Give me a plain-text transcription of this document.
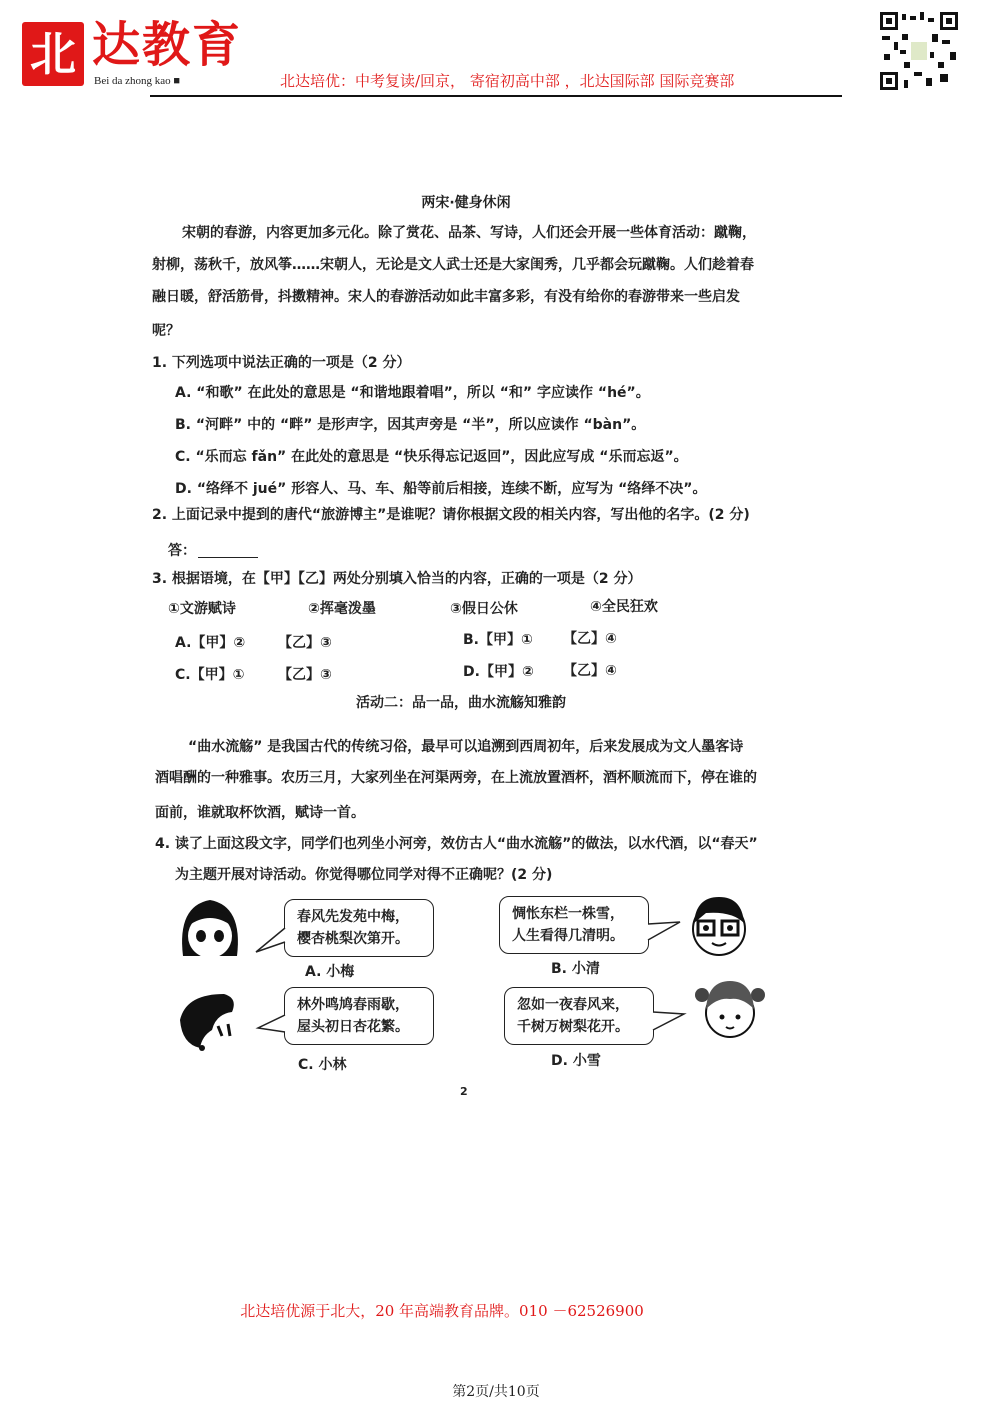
北 达教育
Bei da zhong kao ■	北达培优：中考复读/回京， 寄宿初高中部 ，北达国际部 国际竞赛部
两宋·健身休闲
宋朝的春游，内容更加多元化。除了赏花、品茶、写诗，人们还会开展一些体育活动：蹴鞠，
射柳，荡秋千，放风筝……宋朝人，无论是文人武士还是大家闺秀，几乎都会玩蹴鞠。人们趁着春
融日暖，舒活筋骨，抖擞精神。宋人的春游活动如此丰富多彩，有没有给你的春游带来一些启发
呢？
1. 下列选项中说法正确的一项是（2 分）
A. “和歌” 在此处的意思是 “和谐地跟着唱”，所以 “和” 字应读作 “hé”。
B. “河畔” 中的 “畔” 是形声字，因其声旁是 “半”，所以应读作 “bàn”。
C. “乐而忘 fǎn” 在此处的意思是 “快乐得忘记返回”，因此应写成 “乐而忘返”。
D. “络绎不 jué” 形容人、马、车、船等前后相接，连续不断，应写为 “络绎不决”。
2. 上面记录中提到的唐代“旅游博主”是谁呢？请你根据文段的相关内容，写出他的名字。(2 分)
答：
3. 根据语境，在【甲】【乙】两处分别填入恰当的内容，正确的一项是（2 分）
①文游赋诗	②挥毫泼墨	③假日公休	④全民狂欢
A.【甲】② 【乙】③	B.【甲】① 【乙】④
C.【甲】① 【乙】③	D.【甲】② 【乙】④
活动二：品一品，曲水流觞知雅韵
“曲水流觞” 是我国古代的传统习俗，最早可以追溯到西周初年，后来发展成为文人墨客诗
酒唱酬的一种雅事。农历三月，大家列坐在河渠两旁，在上流放置酒杯，酒杯顺流而下，停在谁的
面前，谁就取杯饮酒，赋诗一首。
4. 读了上面这段文字，同学们也列坐小河旁，效仿古人“曲水流觞”的做法，以水代酒，以“春天”
为主题开展对诗活动。你觉得哪位同学对得不正确呢？(2 分)
春风先发苑中梅，
樱杏桃梨次第开。
A. 小梅
惆怅东栏一株雪，
人生看得几清明。
B. 小清
林外鸣鸠春雨歇，
屋头初日杏花繁。
C. 小林
忽如一夜春风来，
千树万树梨花开。
D. 小雪
2
北达培优源于北大，20 年高端教育品牌。010 －62526900
第2页/共10页
